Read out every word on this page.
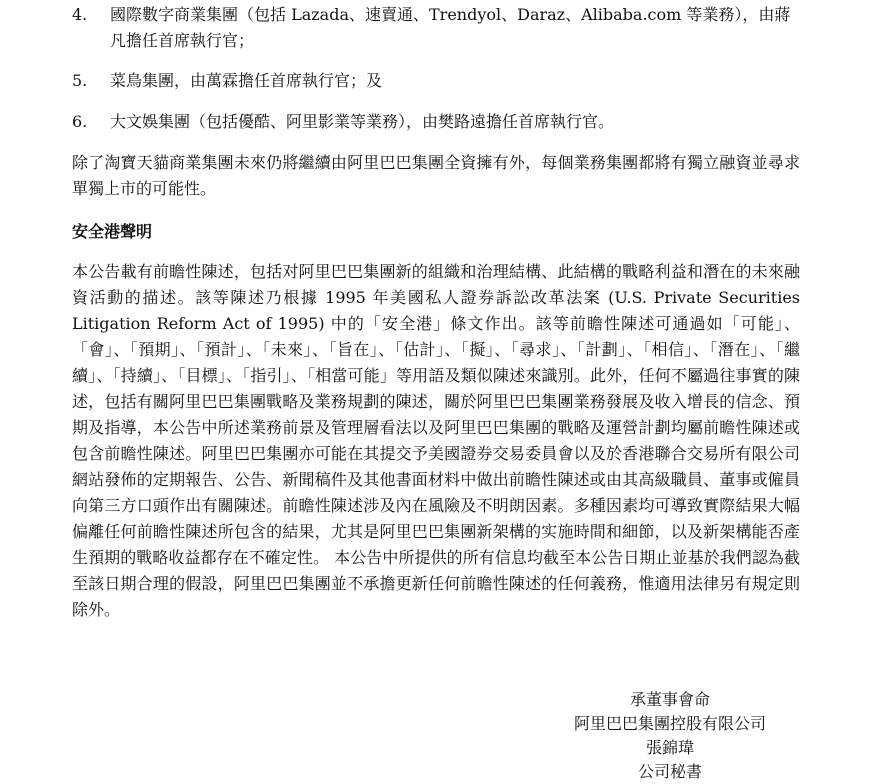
4.	國際數字商業集團（包括 Lazada、速賣通、Trendyol、Daraz、Alibaba.com 等業務），由蔣凡擔任首席執行官；
5.	菜鳥集團，由萬霖擔任首席執行官；及
6.	大文娛集團（包括優酷、阿里影業等業務），由樊路遠擔任首席執行官。

除了淘寶天貓商業集團未來仍將繼續由阿里巴巴集團全資擁有外，每個業務集團都將有獨立融資並尋求單獨上市的可能性。

安全港聲明

本公告載有前瞻性陳述，包括对阿里巴巴集團新的組織和治理結構、此結構的戰略利益和潛在的未來融資活動的描述。該等陳述乃根據 1995 年美國私人證券訴訟改革法案 (U.S. Private Securities Litigation Reform Act of 1995) 中的「安全港」條文作出。該等前瞻性陳述可通過如「可能」、「會」、「預期」、「預計」、「未來」、「旨在」、「估計」、「擬」、「尋求」、「計劃」、「相信」、「潛在」、「繼續」、「持續」、「目標」、「指引」、「相當可能」等用語及類似陳述來識別。此外，任何不屬過往事實的陳述，包括有關阿里巴巴集團戰略及業務規劃的陳述，關於阿里巴巴集團業務發展及收入增長的信念、預期及指導，本公告中所述業務前景及管理層看法以及阿里巴巴集團的戰略及運營計劃均屬前瞻性陳述或包含前瞻性陳述。阿里巴巴集團亦可能在其提交予美國證券交易委員會以及於香港聯合交易所有限公司網站發佈的定期報告、公告、新聞稿件及其他書面材料中做出前瞻性陳述或由其高級職員、董事或僱員向第三方口頭作出有關陳述。前瞻性陳述涉及內在風險及不明朗因素。多種因素均可導致實際結果大幅偏離任何前瞻性陳述所包含的結果，尤其是阿里巴巴集團新架構的实施時間和細節，以及新架構能否產生預期的戰略收益都存在不確定性。 本公告中所提供的所有信息均截至本公告日期止並基於我們認為截至該日期合理的假設，阿里巴巴集團並不承擔更新任何前瞻性陳述的任何義務，惟適用法律另有規定則除外。

承董事會命
阿里巴巴集團控股有限公司
張錦瑋
公司秘書
